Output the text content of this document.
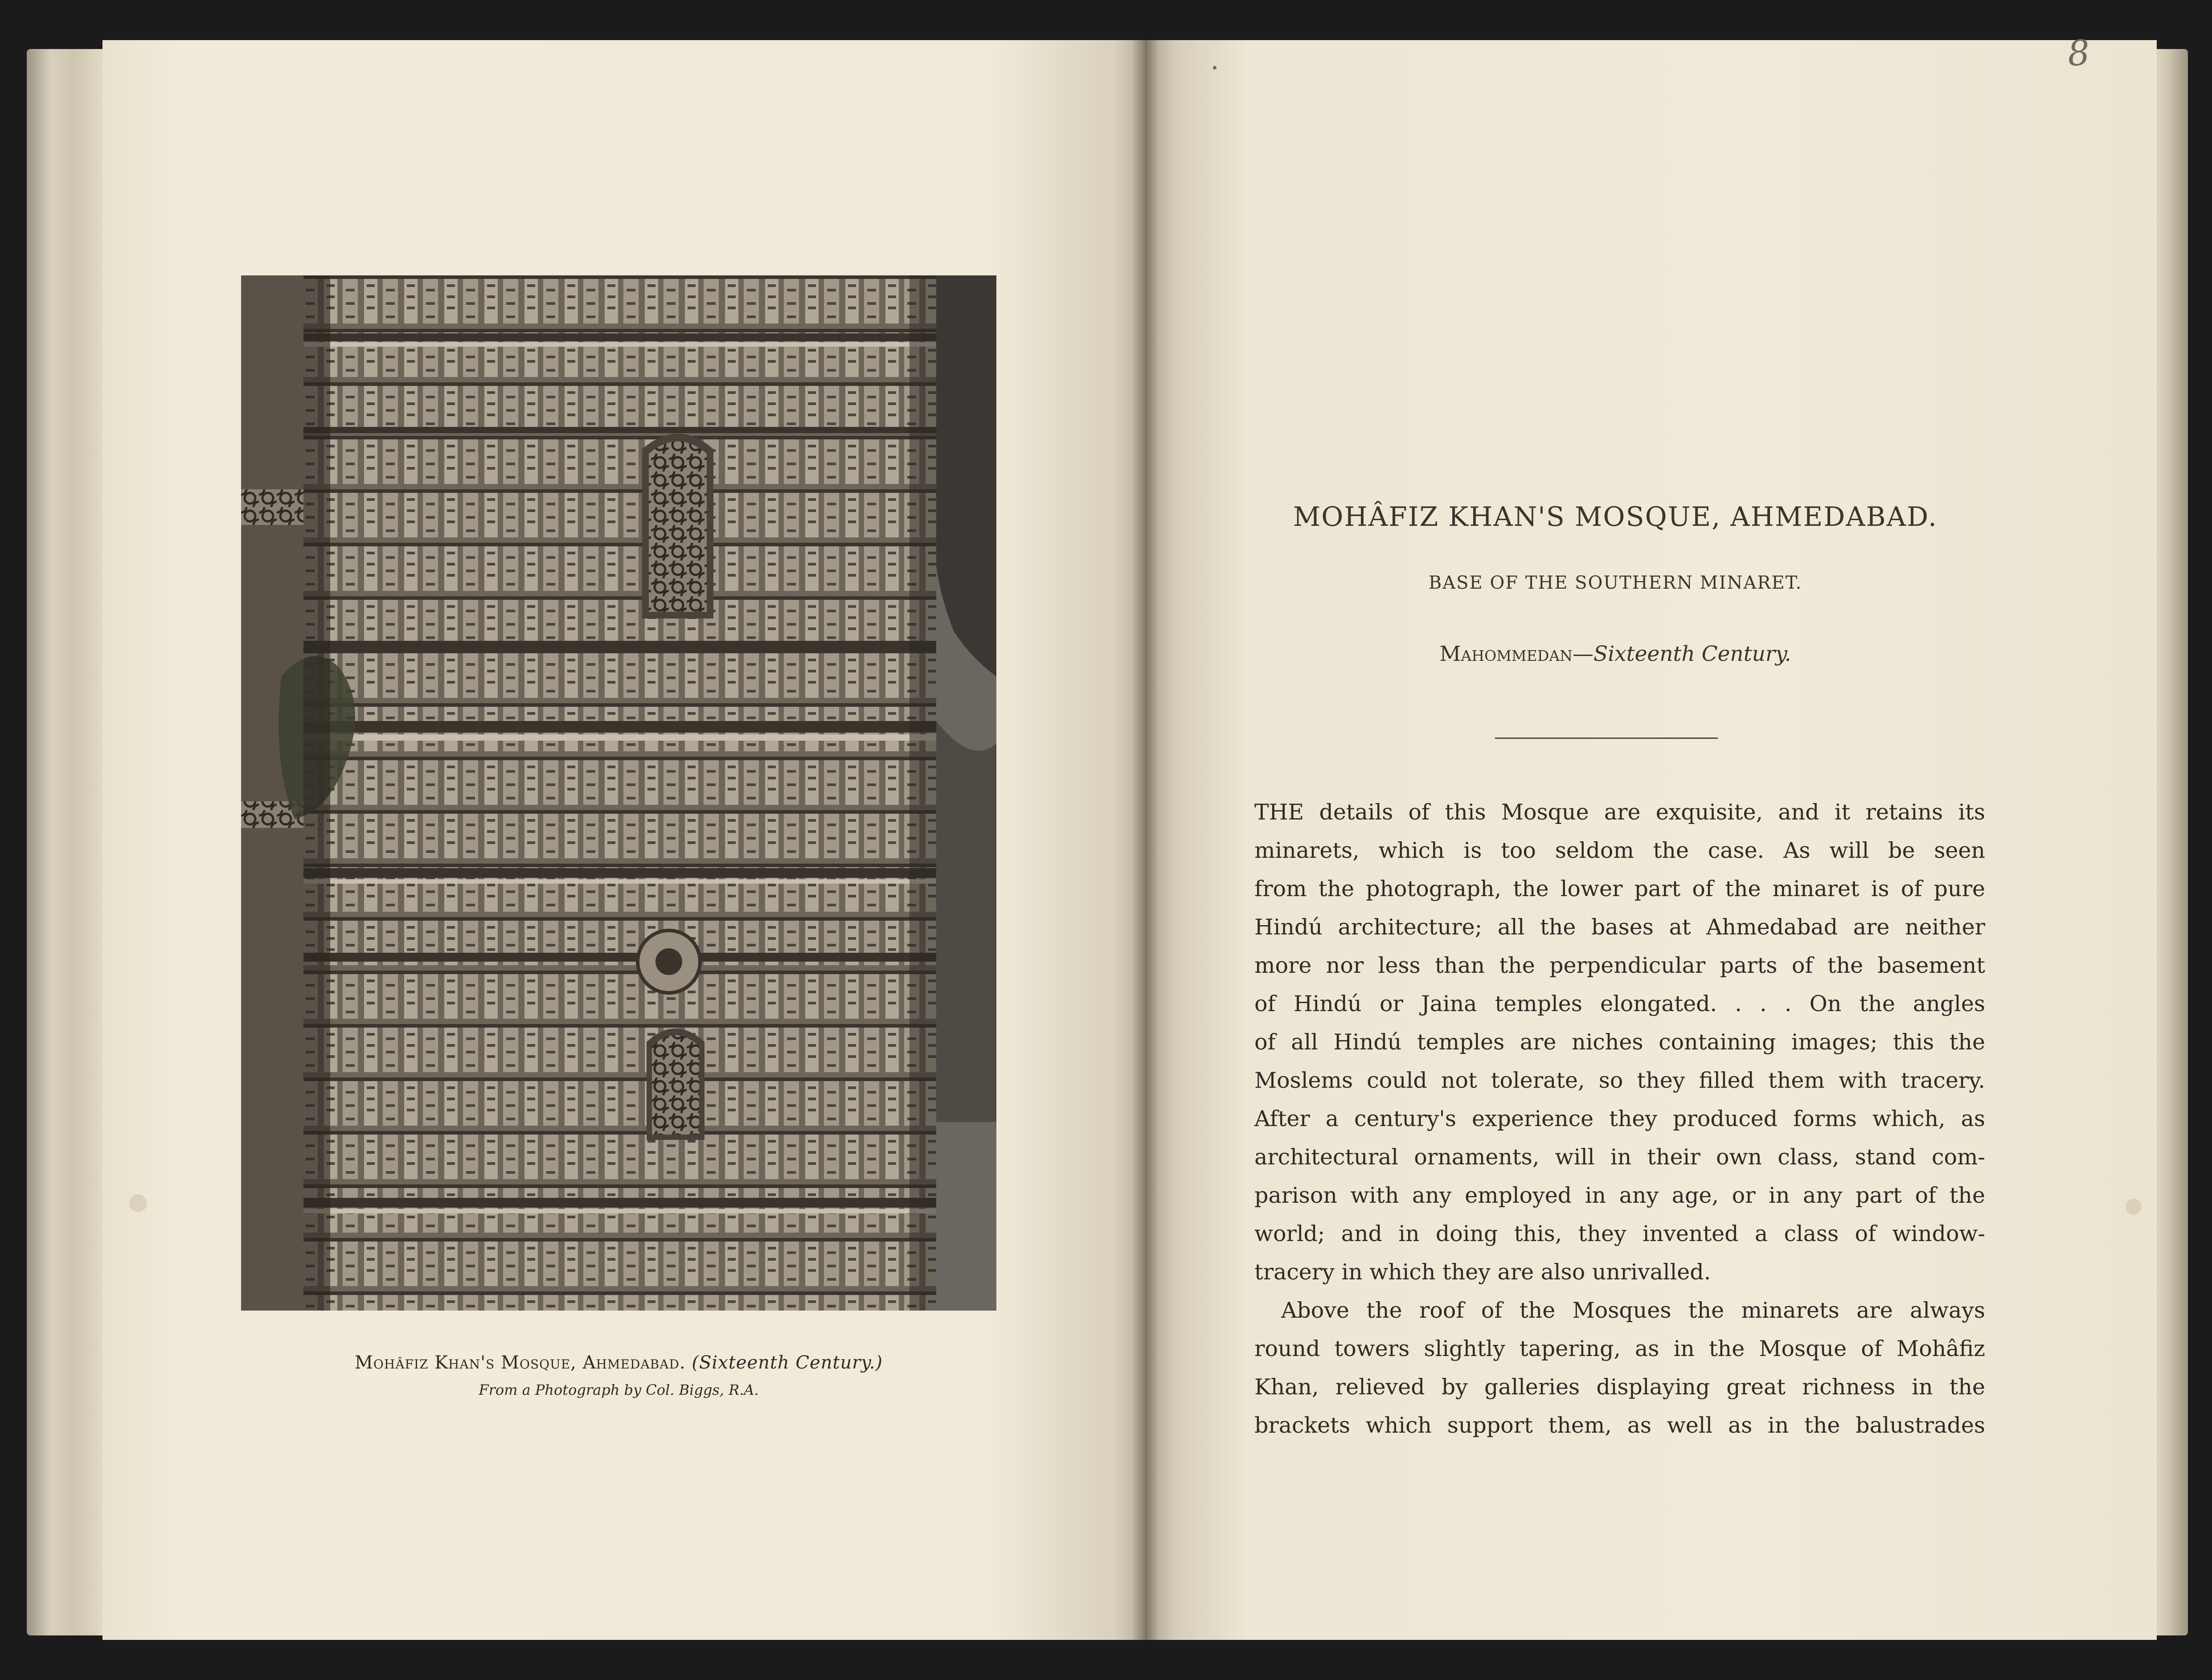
Mohâfiz Khan's Mosque, Ahmedabad. (Sixteenth Century.)
From a Photograph by Col. Biggs, R.A.
8
MOHÂFIZ KHAN'S MOSQUE, AHMEDABAD.
BASE OF THE SOUTHERN MINARET.
Mahommedan—Sixteenth Century.
THE details of this Mosque are exquisite, and it retains its
minarets, which is too seldom the case. As will be seen
from the photograph, the lower part of the minaret is of pure
Hindú architecture; all the bases at Ahmedabad are neither
more nor less than the perpendicular parts of the basement
of Hindú or Jaina temples elongated. . . . On the angles
of all Hindú temples are niches containing images; this the
Moslems could not tolerate, so they filled them with tracery.
After a century's experience they produced forms which, as
architectural ornaments, will in their own class, stand com-
parison with any employed in any age, or in any part of the
world; and in doing this, they invented a class of window-
tracery in which they are also unrivalled.
Above the roof of the Mosques the minarets are always
round towers slightly tapering, as in the Mosque of Mohâfiz
Khan, relieved by galleries displaying great richness in the
brackets which support them, as well as in the balustrades
